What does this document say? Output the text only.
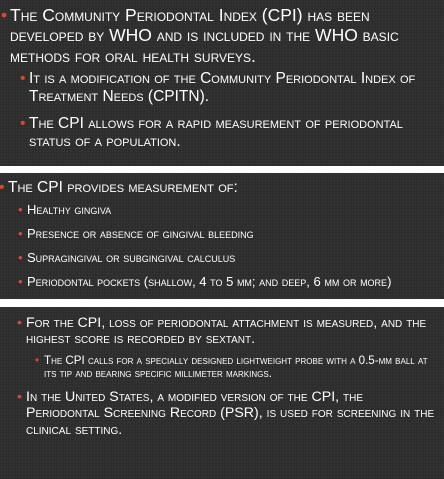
• The Community Periodontal Index (CPI) has been developed by WHO and is included in the WHO basic methods for oral health surveys.
• It is a modification of the Community Periodontal Index of Treatment Needs (CPITN).
• The CPI allows for a rapid measurement of periodontal status of a population.
• The CPI provides measurement of:
• Healthy gingiva
• Presence or absence of gingival bleeding
• Supragingival or subgingival calculus
• Periodontal pockets (shallow, 4 to 5 mm; and deep, 6 mm or more)
• For the CPI, loss of periodontal attachment is measured, and the highest score is recorded by sextant.
• The CPI calls for a specially designed lightweight probe with a 0.5-mm ball at its tip and bearing specific millimeter markings.
• In the United States, a modified version of the CPI, the Periodontal Screening Record (PSR), is used for screening in the clinical setting.
